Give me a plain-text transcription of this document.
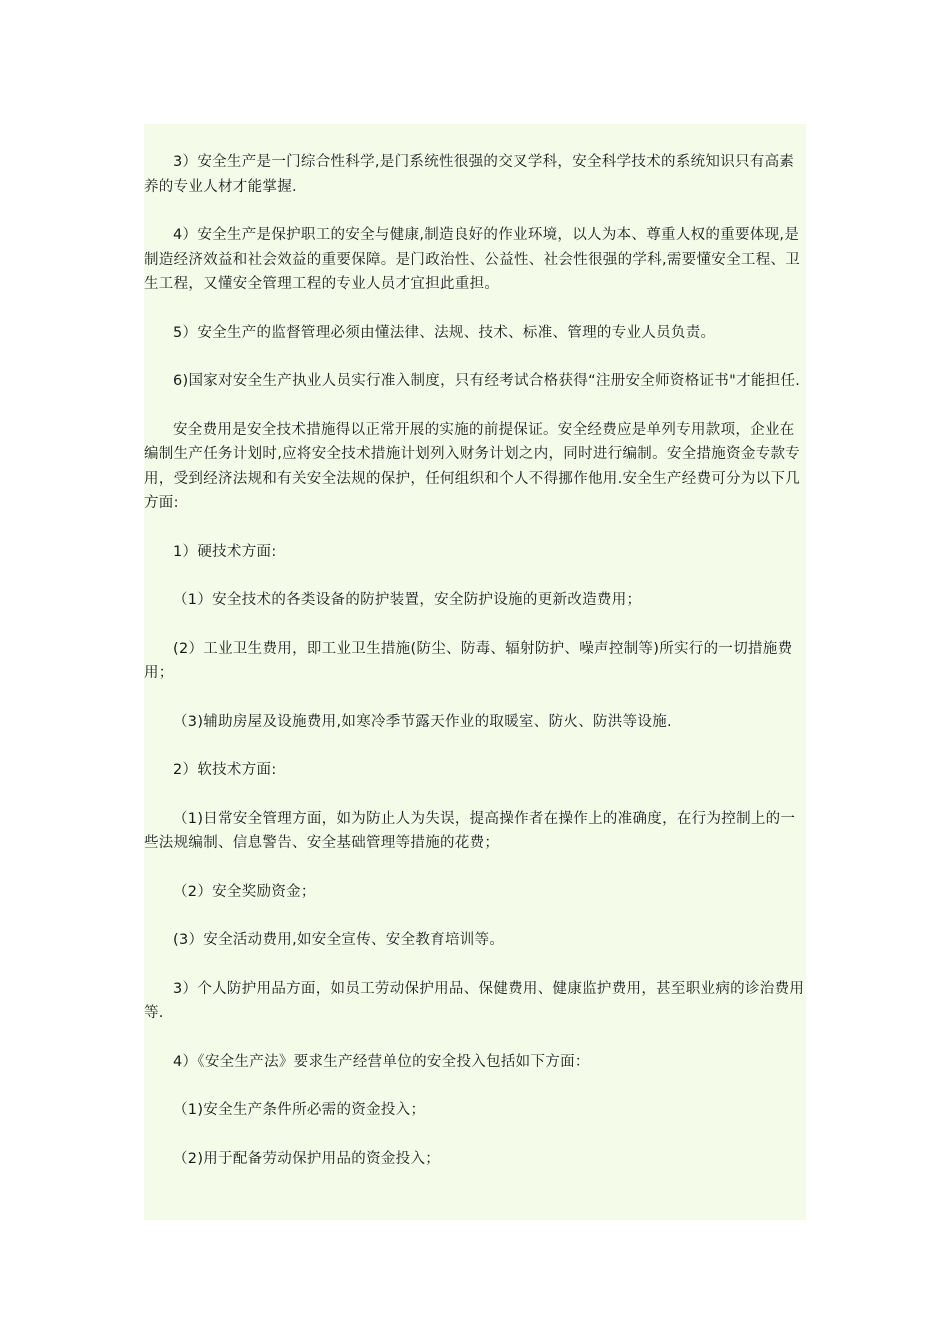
3）安全生产是一门综合性科学,是门系统性很强的交叉学科，安全科学技术的系统知识只有高素养的专业人材才能掌握.

4）安全生产是保护职工的安全与健康,制造良好的作业环境，以人为本、尊重人权的重要体现,是制造经济效益和社会效益的重要保障。是门政治性、公益性、社会性很强的学科,需要懂安全工程、卫生工程，又懂安全管理工程的专业人员才宜担此重担。

5）安全生产的监督管理必须由懂法律、法规、技术、标准、管理的专业人员负责。

6)国家对安全生产执业人员实行准入制度，只有经考试合格获得“注册安全师资格证书"才能担任.

安全费用是安全技术措施得以正常开展的实施的前提保证。安全经费应是单列专用款项，企业在编制生产任务计划时,应将安全技术措施计划列入财务计划之内，同时进行编制。安全措施资金专款专用，受到经济法规和有关安全法规的保护，任何组织和个人不得挪作他用.安全生产经费可分为以下几方面:

1）硬技术方面:

（1）安全技术的各类设备的防护装置，安全防护设施的更新改造费用；

(2）工业卫生费用，即工业卫生措施(防尘、防毒、辐射防护、噪声控制等)所实行的一切措施费用；

（3)辅助房屋及设施费用,如寒冷季节露天作业的取暖室、防火、防洪等设施.

2）软技术方面:

（1)日常安全管理方面，如为防止人为失误，提高操作者在操作上的准确度，在行为控制上的一些法规编制、信息警告、安全基础管理等措施的花费；

（2）安全奖励资金；

(3）安全活动费用,如安全宣传、安全教育培训等。

3）个人防护用品方面，如员工劳动保护用品、保健费用、健康监护费用，甚至职业病的诊治费用等.

4）《安全生产法》要求生产经营单位的安全投入包括如下方面：

（1)安全生产条件所必需的资金投入；

（2)用于配备劳动保护用品的资金投入；
